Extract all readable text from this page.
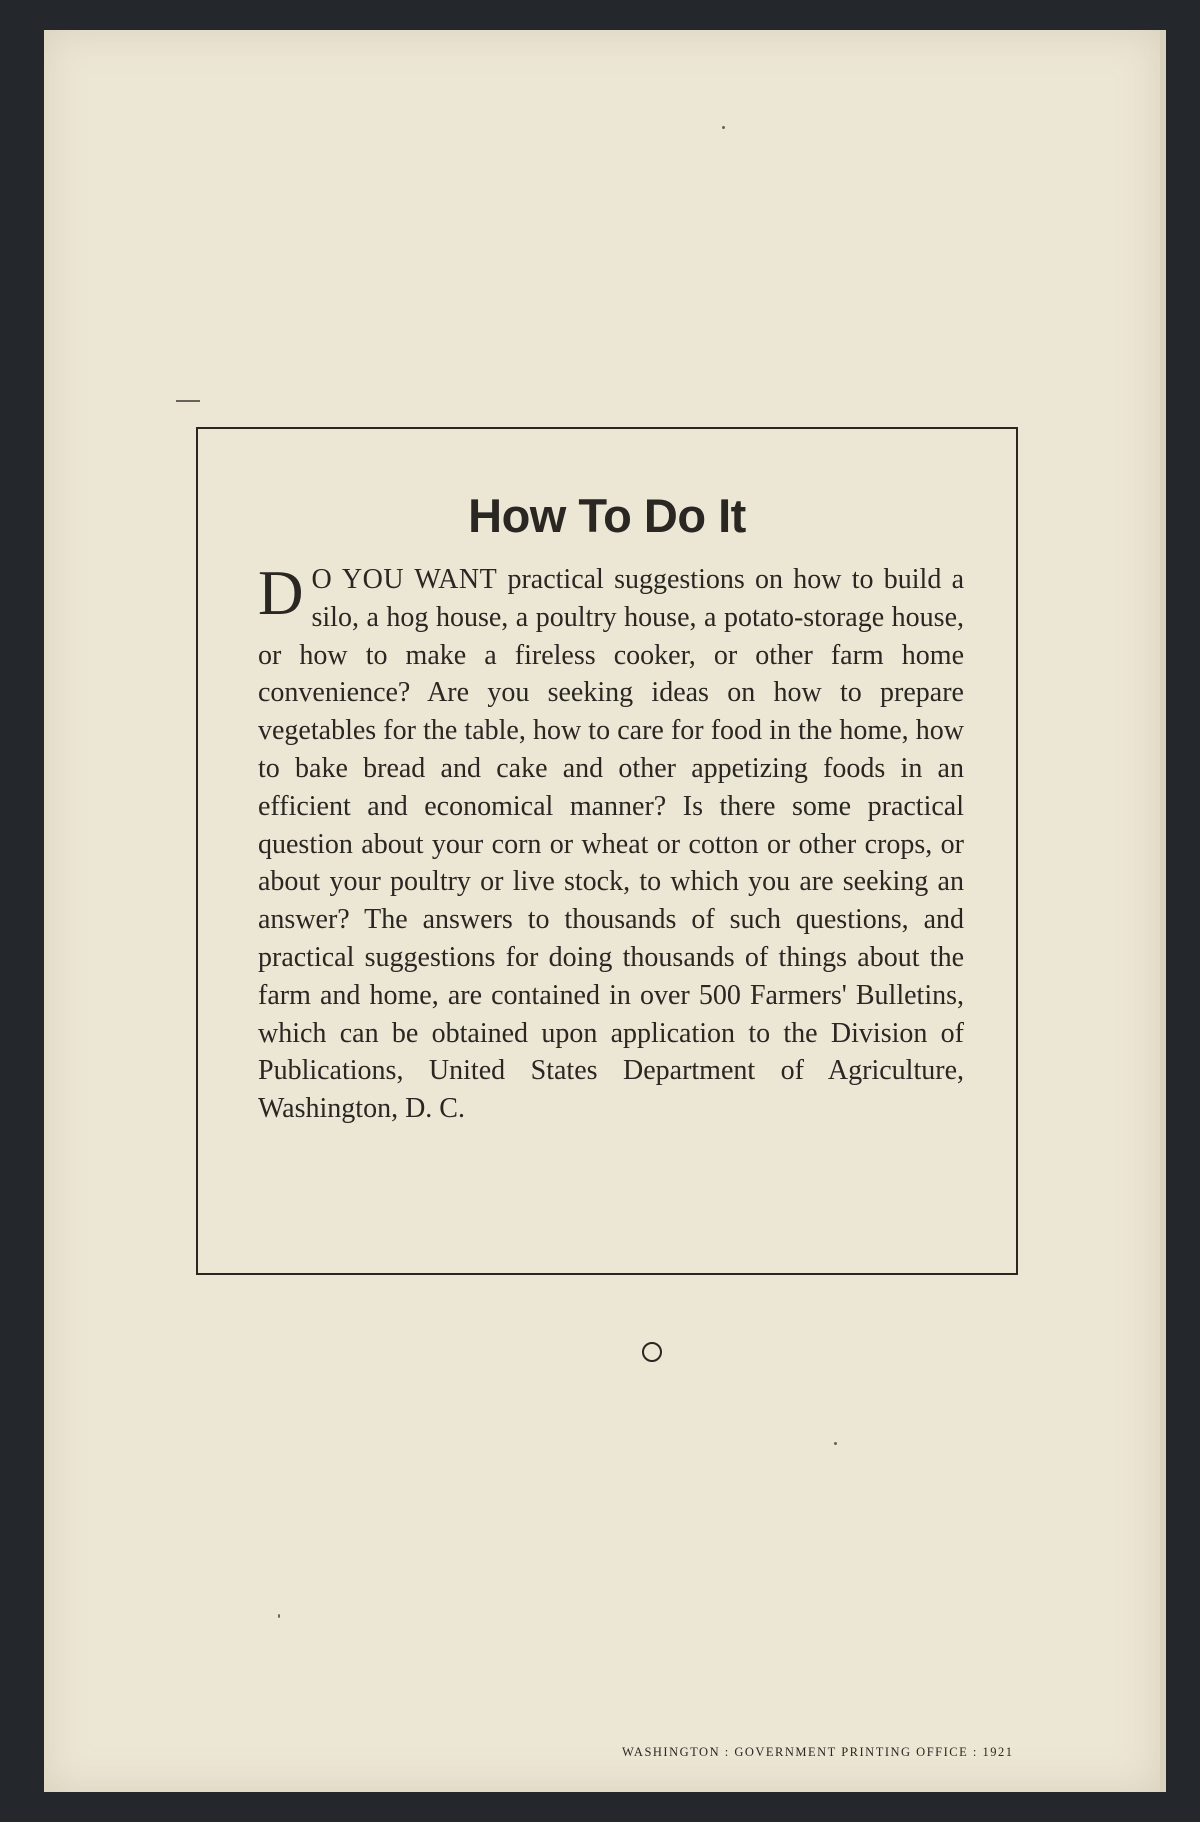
How To Do It

D O YOU WANT practical suggestions on how to build a silo, a hog house, a poultry house, a potato-storage house, or how to make a fireless cooker, or other farm home convenience? Are you seeking ideas on how to prepare vegetables for the table, how to care for food in the home, how to bake bread and cake and other appetizing foods in an efficient and economical manner? Is there some practical question about your corn or wheat or cotton or other crops, or about your poultry or live stock, to which you are seeking an answer? The answers to thousands of such questions, and practical suggestions for doing thousands of things about the farm and home, are contained in over 500 Farmers' Bulletins, which can be obtained upon application to the Division of Publications, United States Department of Agriculture, Washington, D. C.

WASHINGTON : GOVERNMENT PRINTING OFFICE : 1921
